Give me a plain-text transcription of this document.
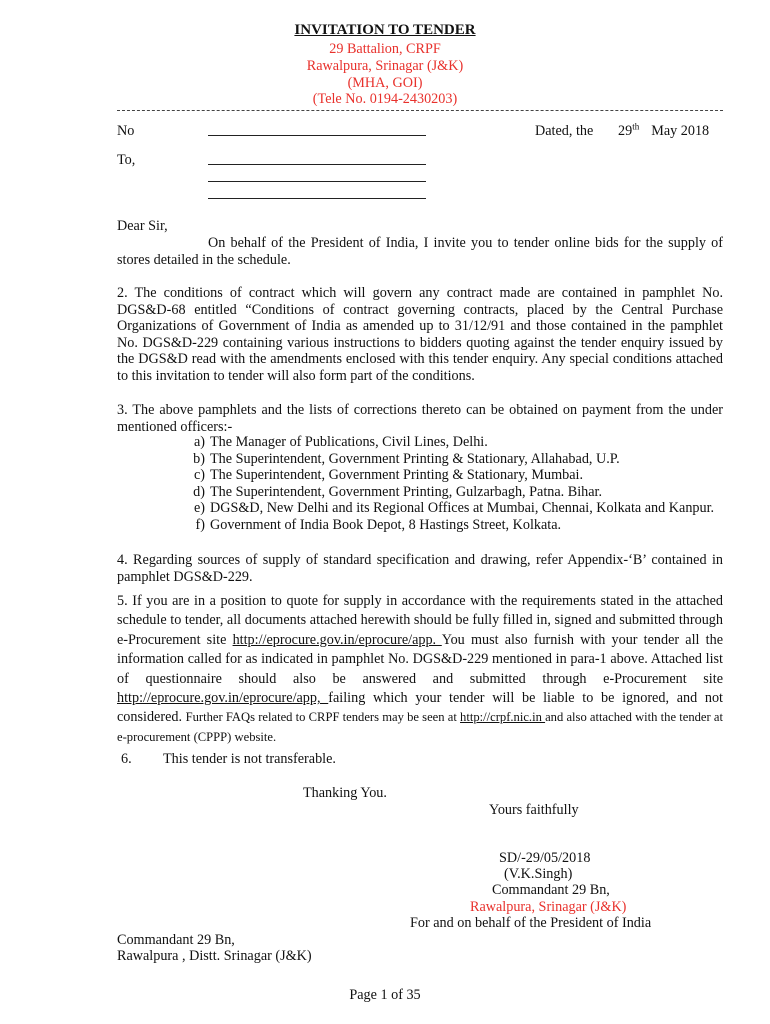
INVITATION TO TENDER
29 Battalion, CRPF
Rawalpura, Srinagar (J&K)
(MHA, GOI)
(Tele No. 0194-2430203)
No	Dated, the 29th May 2018
To,
Dear Sir,
On behalf of the President of India, I invite you to tender online bids for the supply of stores detailed in the schedule.
2. The conditions of contract which will govern any contract made are contained in pamphlet No. DGS&D-68 entitled “Conditions of contract governing contracts, placed by the Central Purchase Organizations of Government of India as amended up to 31/12/91 and those contained in the pamphlet No. DGS&D-229 containing various instructions to bidders quoting against the tender enquiry issued by the DGS&D read with the amendments enclosed with this tender enquiry. Any special conditions attached to this invitation to tender will also form part of the conditions.
3. The above pamphlets and the lists of corrections thereto can be obtained on payment from the under mentioned officers:-
a) The Manager of Publications, Civil Lines, Delhi.
b) The Superintendent, Government Printing & Stationary, Allahabad, U.P.
c) The Superintendent, Government Printing & Stationary, Mumbai.
d) The Superintendent, Government Printing, Gulzarbagh, Patna. Bihar.
e) DGS&D, New Delhi and its Regional Offices at Mumbai, Chennai, Kolkata and Kanpur.
f) Government of India Book Depot, 8 Hastings Street, Kolkata.
4. Regarding sources of supply of standard specification and drawing, refer Appendix-‘B’ contained in pamphlet DGS&D-229.
5. If you are in a position to quote for supply in accordance with the requirements stated in the attached schedule to tender, all documents attached herewith should be fully filled in, signed and submitted through e-Procurement site http://eprocure.gov.in/eprocure/app. You must also furnish with your tender all the information called for as indicated in pamphlet No. DGS&D-229 mentioned in para-1 above. Attached list of questionnaire should also be answered and submitted through e-Procurement site http://eprocure.gov.in/eprocure/app, failing which your tender will be liable to be ignored, and not considered. Further FAQs related to CRPF tenders may be seen at http://crpf.nic.in and also attached with the tender at e-procurement (CPPP) website.
6. This tender is not transferable.
Thanking You.
Yours faithfully
SD/-29/05/2018
(V.K.Singh)
Commandant 29 Bn,
Rawalpura, Srinagar (J&K)
For and on behalf of the President of India
Commandant 29 Bn,
Rawalpura , Distt. Srinagar (J&K)
Page 1 of 35
